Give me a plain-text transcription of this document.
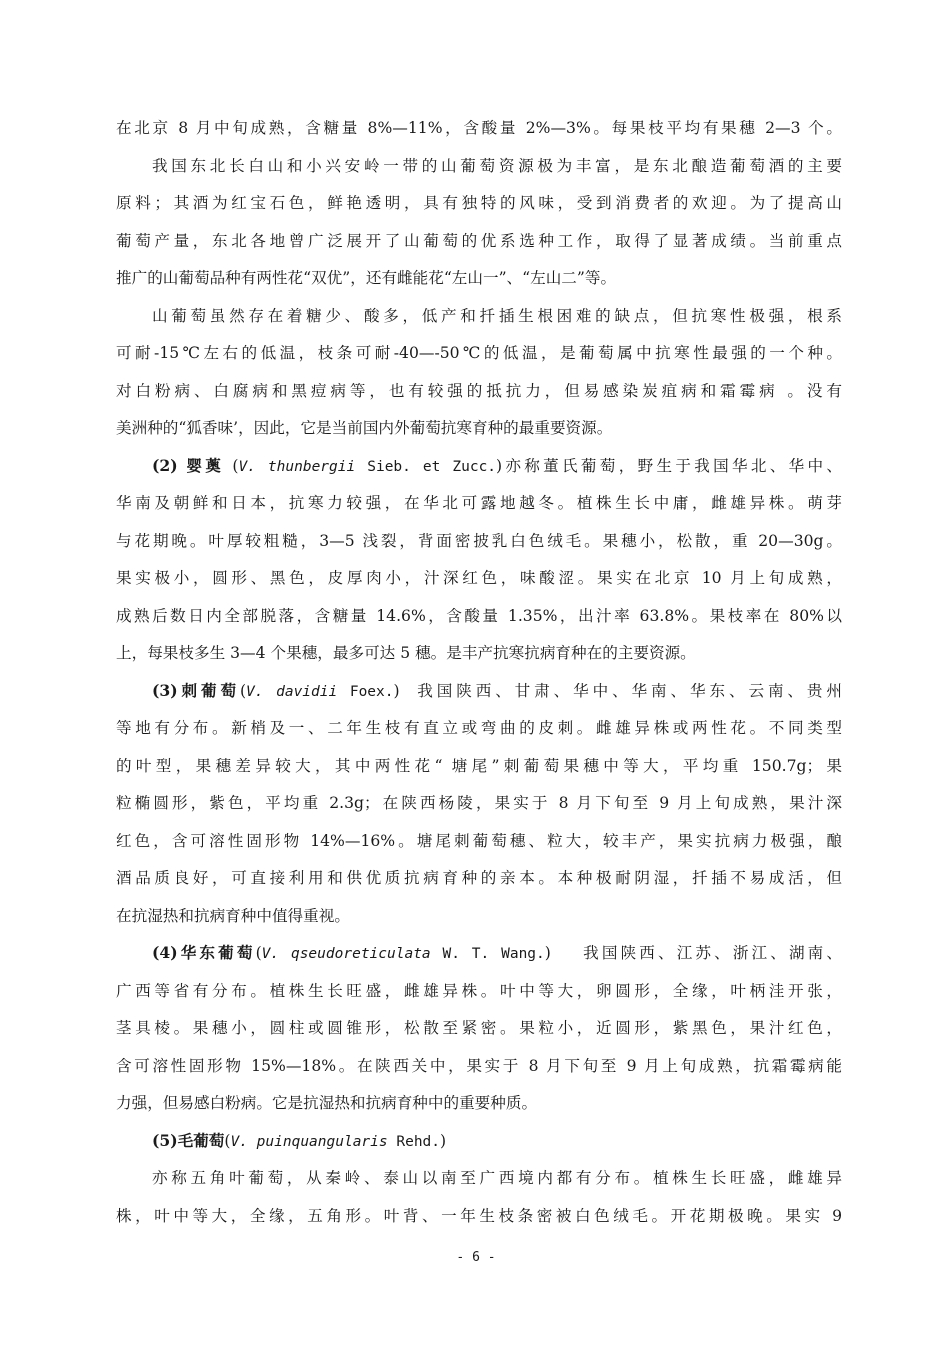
在北京 8 月中旬成熟，含糖量 8%—11%，含酸量 2%—3%。每果枝平均有果穗 2—3 个。
我国东北长白山和小兴安岭一带的山葡萄资源极为丰富，是东北酿造葡萄酒的主要
原料；其酒为红宝石色，鲜艳透明，具有独特的风味，受到消费者的欢迎。为了提高山
葡萄产量，东北各地曾广泛展开了山葡萄的优系选种工作，取得了显著成绩。当前重点
推广的山葡萄品种有两性花“双优”，还有雌能花“左山一”、“左山二”等。
山葡萄虽然存在着糖少、酸多，低产和扦插生根困难的缺点，但抗寒性极强，根系
可耐-15℃左右的低温，枝条可耐-40—-50℃的低温，是葡萄属中抗寒性最强的一个种。
对白粉病、白腐病和黑痘病等，也有较强的抵抗力，但易感染炭疽病和霜霉病 。没有
美洲种的“狐香味’，因此，它是当前国内外葡萄抗寒育种的最重要资源。
(2) 婴薁 (V. thunbergii Sieb. et Zucc.)亦称董氏葡萄，野生于我国华北、华中、
华南及朝鲜和日本，抗寒力较强，在华北可露地越冬。植株生长中庸，雌雄异株。萌芽
与花期晚。叶厚较粗糙，3—5 浅裂，背面密披乳白色绒毛。果穗小，松散，重 20—30g。
果实极小，圆形、黑色，皮厚肉小，汁深红色，味酸涩。果实在北京 10 月上旬成熟，
成熟后数日内全部脱落，含糖量 14.6%，含酸量 1.35%，出汁率 63.8%。果枝率在 80%以
上，每果枝多生 3—4 个果穗，最多可达 5 穗。是丰产抗寒抗病育种在的主要资源。
(3)刺葡萄(V. davidii Foex.)  我国陕西、甘肃、华中、华南、华东、云南、贵州
等地有分布。新梢及一、二年生枝有直立或弯曲的皮刺。雌雄异株或两性花。不同类型
的叶型，果穗差异较大，其中两性花“ 塘尾”刺葡萄果穗中等大，平均重 150.7g；果
粒椭圆形，紫色，平均重 2.3g；在陕西杨陵，果实于 8 月下旬至 9 月上旬成熟，果汁深
红色，含可溶性固形物 14%—16%。塘尾刺葡萄穗、粒大，较丰产，果实抗病力极强，酿
酒品质良好，可直接利用和供优质抗病育种的亲本。本种极耐阴湿，扦插不易成活，但
在抗湿热和抗病育种中值得重视。
(4)华东葡萄(V. qseudoreticulata W. T. Wang.)    我国陕西、江苏、浙江、湖南、
广西等省有分布。植株生长旺盛，雌雄异株。叶中等大，卵圆形，全缘，叶柄洼开张，
茎具棱。果穗小，圆柱或圆锥形，松散至紧密。果粒小，近圆形，紫黑色，果汁红色，
含可溶性固形物 15%—18%。在陕西关中，果实于 8 月下旬至 9 月上旬成熟，抗霜霉病能
力强，但易感白粉病。它是抗湿热和抗病育种中的重要种质。
(5)毛葡萄(V. puinquangularis Rehd.)
亦称五角叶葡萄，从秦岭、泰山以南至广西境内都有分布。植株生长旺盛，雌雄异
株，叶中等大，全缘，五角形。叶背、一年生枝条密被白色绒毛。开花期极晚。果实 9
- 6 -
